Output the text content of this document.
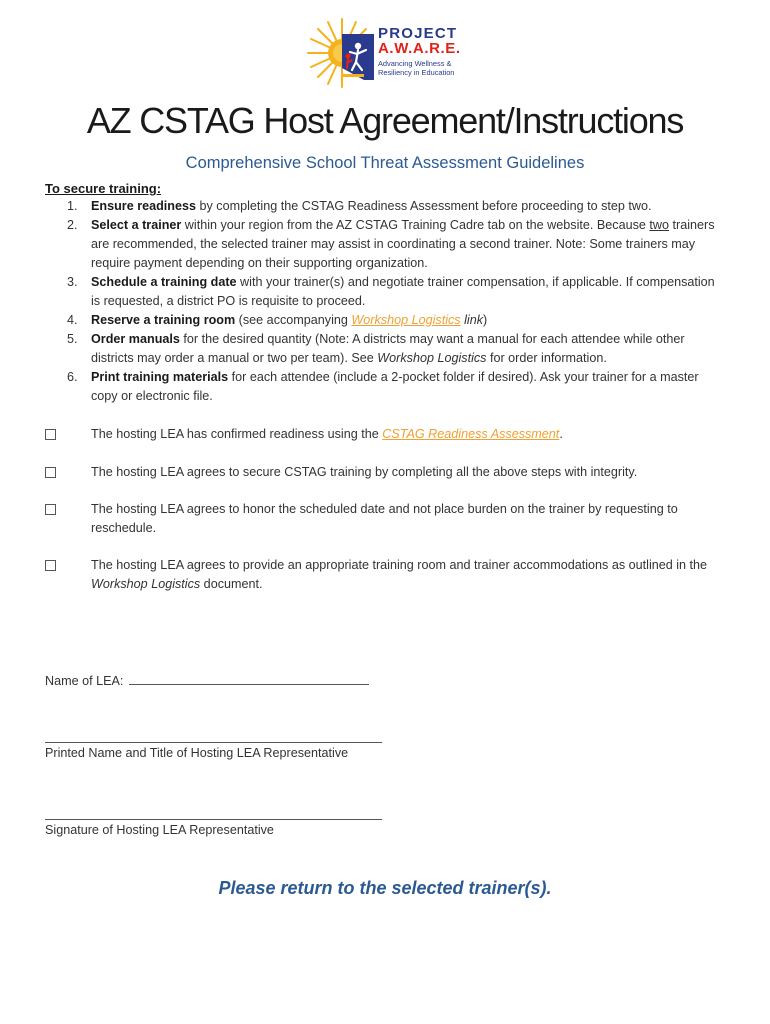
PROJECT
A.W.A.R.E.
Advancing Wellness &
Resiliency in Education
AZ CSTAG Host Agreement/Instructions
Comprehensive School Threat Assessment Guidelines
To secure training:
1. Ensure readiness by completing the CSTAG Readiness Assessment before proceeding to step two.
2. Select a trainer within your region from the AZ CSTAG Training Cadre tab on the website. Because two trainers are recommended, the selected trainer may assist in coordinating a second trainer. Note: Some trainers may require payment depending on their supporting organization.
3. Schedule a training date with your trainer(s) and negotiate trainer compensation, if applicable. If compensation is requested, a district PO is requisite to proceed.
4. Reserve a training room (see accompanying Workshop Logistics link)
5. Order manuals for the desired quantity (Note: A districts may want a manual for each attendee while other districts may order a manual or two per team). See Workshop Logistics for order information.
6. Print training materials for each attendee (include a 2-pocket folder if desired). Ask your trainer for a master copy or electronic file.
The hosting LEA has confirmed readiness using the CSTAG Readiness Assessment.
The hosting LEA agrees to secure CSTAG training by completing all the above steps with integrity.
The hosting LEA agrees to honor the scheduled date and not place burden on the trainer by requesting to reschedule.
The hosting LEA agrees to provide an appropriate training room and trainer accommodations as outlined in the Workshop Logistics document.
Name of LEA:
Printed Name and Title of Hosting LEA Representative
Signature of Hosting LEA Representative
Please return to the selected trainer(s).
